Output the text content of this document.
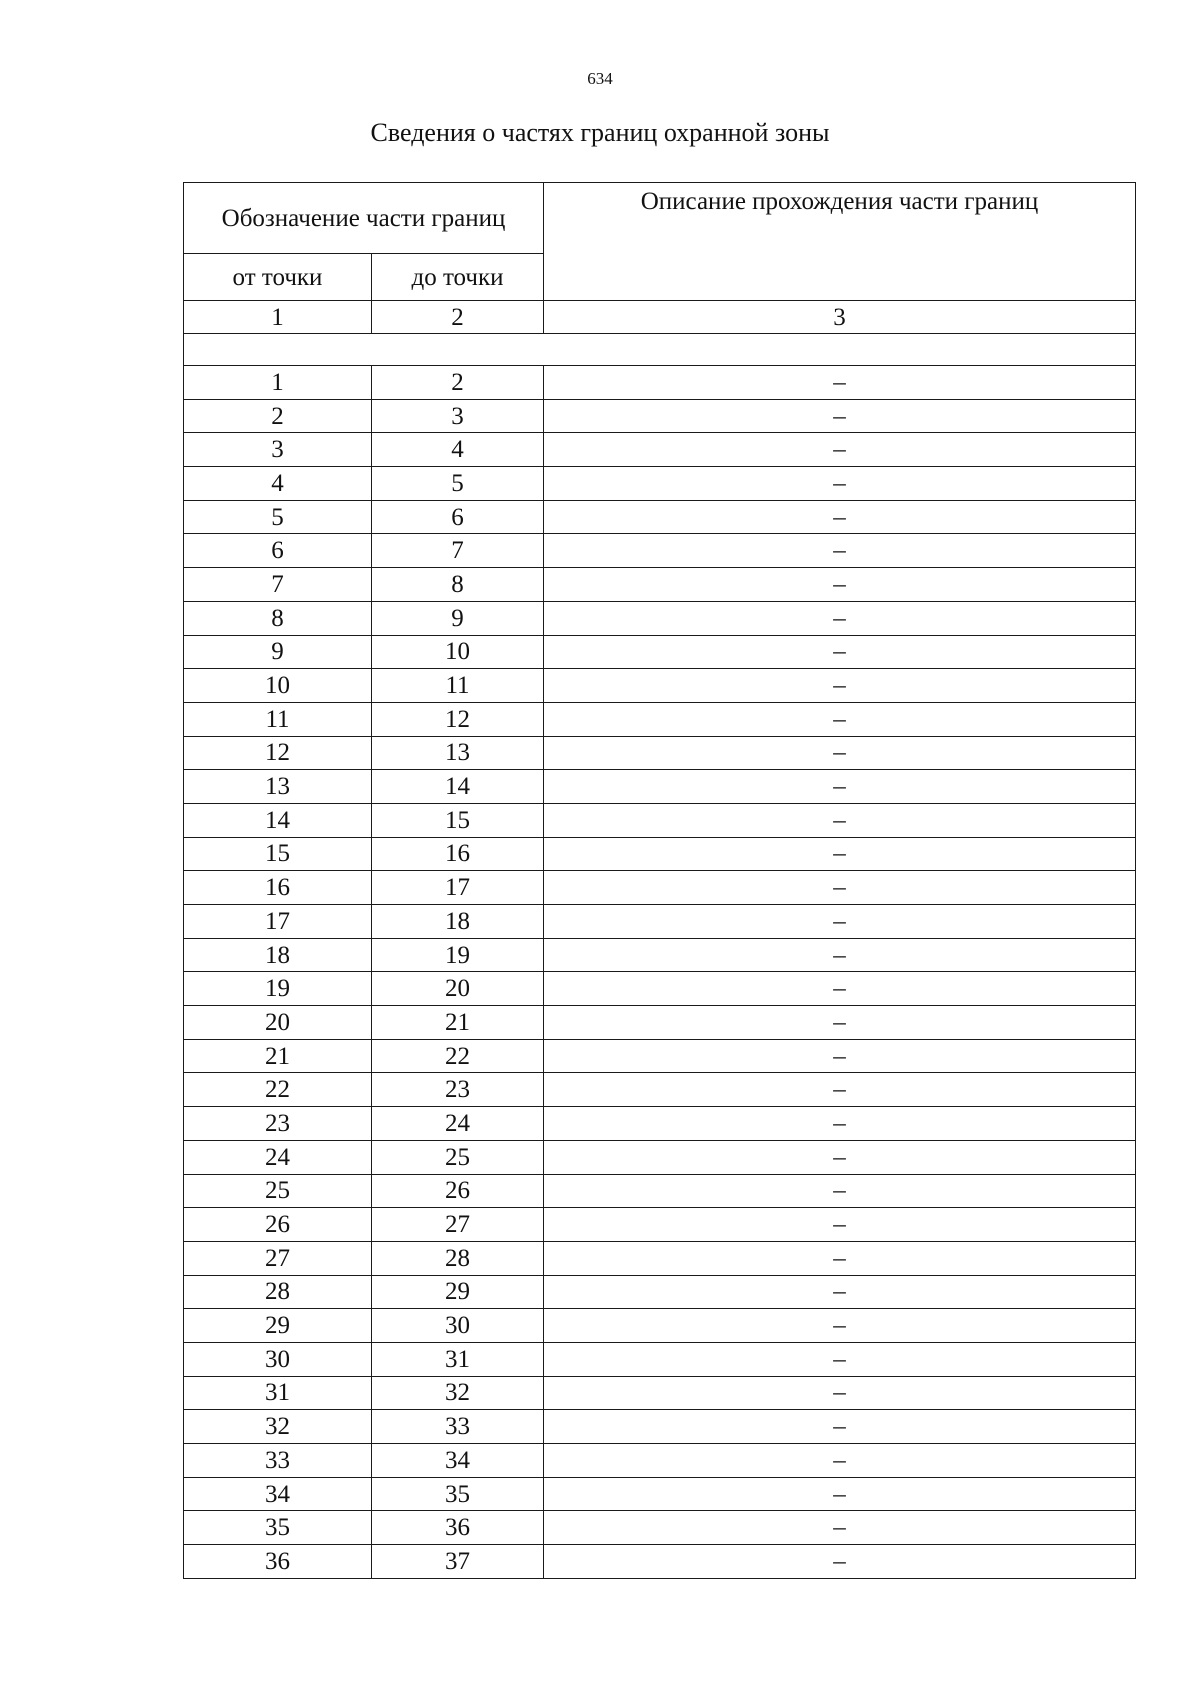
634
Сведения о частях границ охранной зоны
Обозначение части границ		Описание прохождения части границ
от точки	до точки	
1	2	3

1	2	–
2	3	–
3	4	–
4	5	–
5	6	–
6	7	–
7	8	–
8	9	–
9	10	–
10	11	–
11	12	–
12	13	–
13	14	–
14	15	–
15	16	–
16	17	–
17	18	–
18	19	–
19	20	–
20	21	–
21	22	–
22	23	–
23	24	–
24	25	–
25	26	–
26	27	–
27	28	–
28	29	–
29	30	–
30	31	–
31	32	–
32	33	–
33	34	–
34	35	–
35	36	–
36	37	–
